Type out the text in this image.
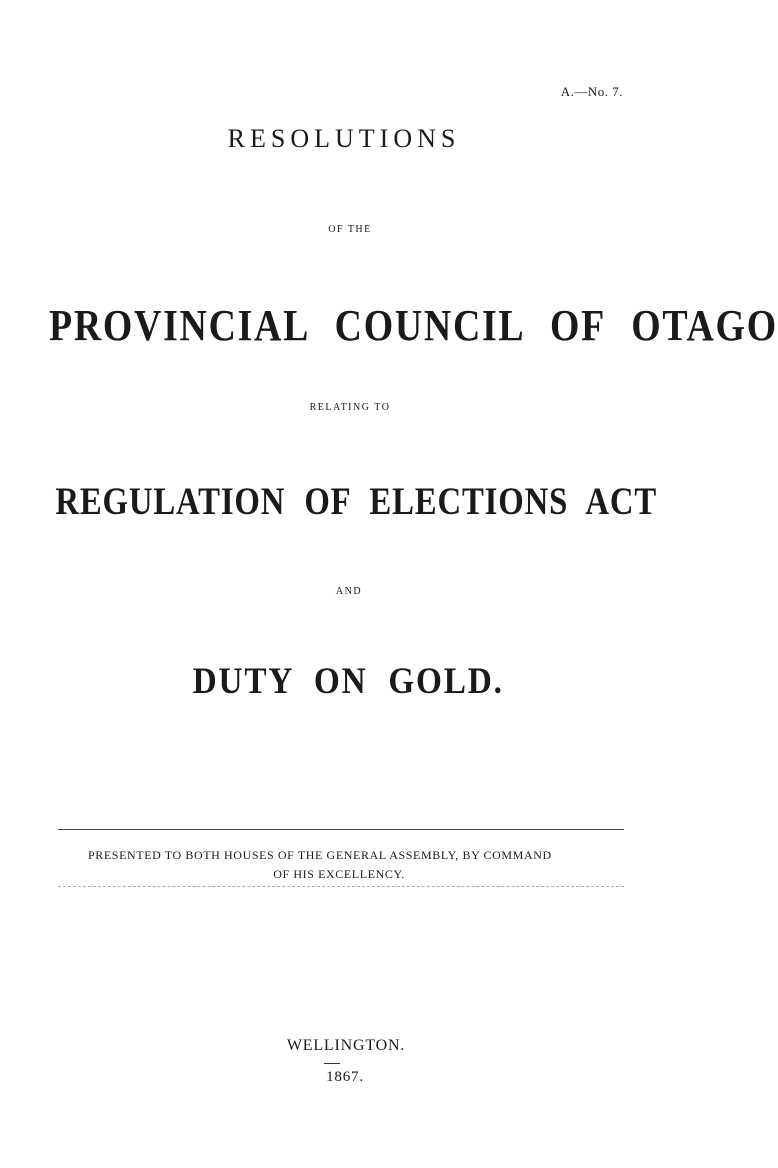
A.—No. 7.
RESOLUTIONS
OF THE
PROVINCIAL COUNCIL OF OTAGO
RELATING TO
REGULATION OF ELECTIONS ACT
AND
DUTY ON GOLD.
PRESENTED TO BOTH HOUSES OF THE GENERAL ASSEMBLY, BY COMMAND
OF HIS EXCELLENCY.
WELLINGTON.
1867.
